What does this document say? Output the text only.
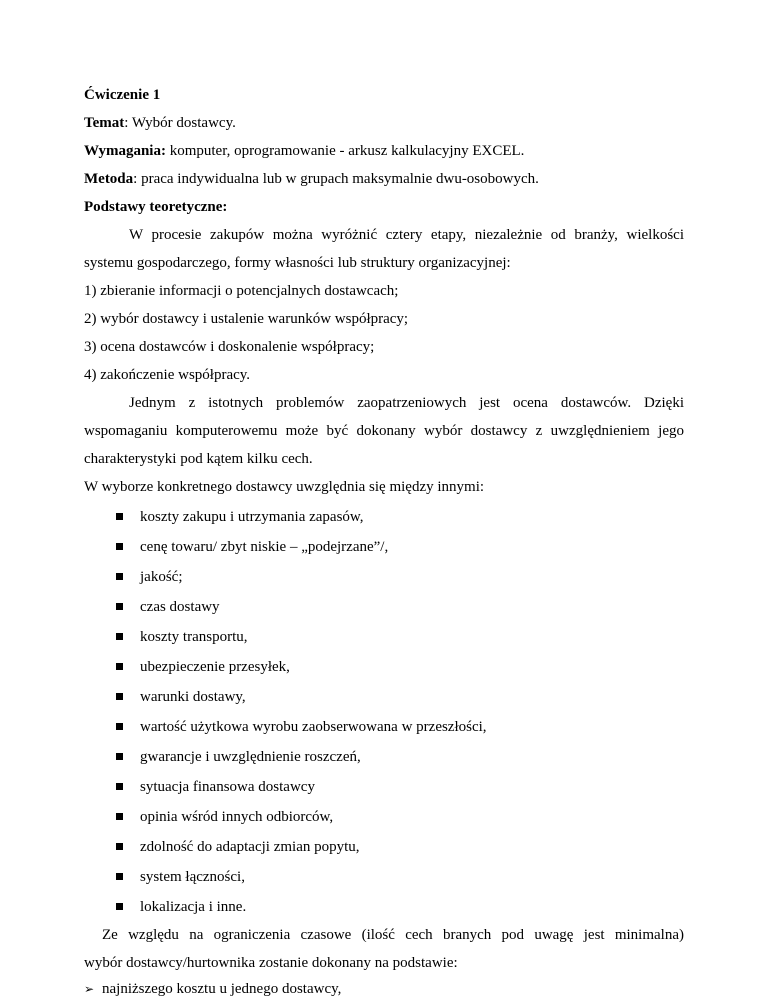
Ćwiczenie 1
Temat: Wybór dostawcy.
Wymagania: komputer, oprogramowanie - arkusz kalkulacyjny EXCEL.
Metoda: praca indywidualna lub w grupach maksymalnie dwu-osobowych.
Podstawy teoretyczne:
W procesie zakupów można wyróżnić cztery etapy, niezależnie od branży, wielkości
systemu gospodarczego, formy własności lub struktury organizacyjnej:
1) zbieranie informacji o potencjalnych dostawcach;
2) wybór dostawcy i ustalenie warunków współpracy;
3) ocena dostawców i doskonalenie współpracy;
4) zakończenie współpracy.
Jednym z istotnych problemów zaopatrzeniowych jest ocena dostawców. Dzięki
wspomaganiu komputerowemu może być dokonany wybór dostawcy z uwzględnieniem jego
charakterystyki pod kątem kilku cech.
W wyborze konkretnego dostawcy uwzględnia się między innymi:
koszty zakupu i utrzymania zapasów,
cenę towaru/ zbyt niskie – „podejrzane”/,
jakość;
czas dostawy
koszty transportu,
ubezpieczenie przesyłek,
warunki dostawy,
wartość użytkowa wyrobu zaobserwowana w przeszłości,
gwarancje i uwzględnienie roszczeń,
sytuacja finansowa dostawcy
opinia wśród innych odbiorców,
zdolność do adaptacji zmian popytu,
system łączności,
lokalizacja i inne.
Ze względu na ograniczenia czasowe (ilość cech branych pod uwagę jest minimalna)
wybór dostawcy/hurtownika zostanie dokonany na podstawie:
➢ najniższego kosztu u jednego dostawcy,
